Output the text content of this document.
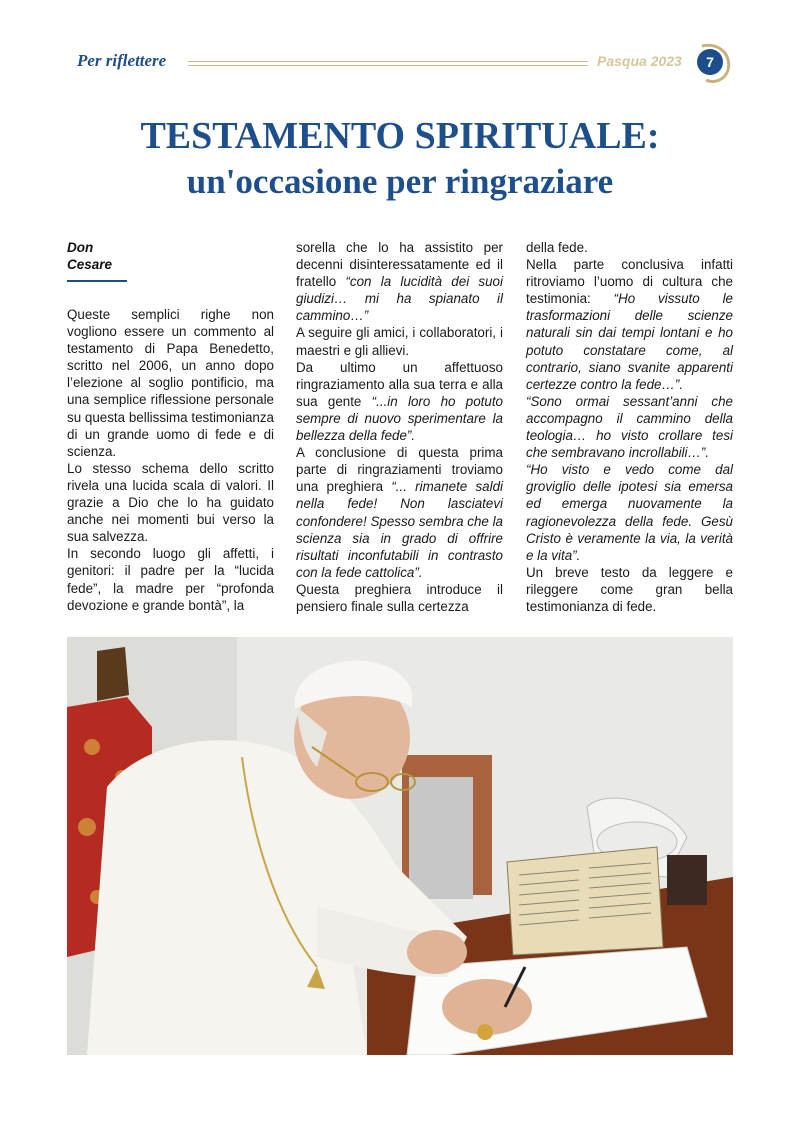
Per riflettere	Pasqua 2023	7
TESTAMENTO SPIRITUALE:
un'occasione per ringraziare
Don
Cesare

Queste semplici righe non vogliono essere un commento al testamento di Papa Benedetto, scritto nel 2006, un anno dopo l’elezione al soglio pontificio, ma una semplice riflessione personale su questa bellissima testimonianza di un grande uomo di fede e di scienza.

Lo stesso schema dello scritto rivela una lucida scala di valori. Il grazie a Dio che lo ha guidato anche nei momenti bui verso la sua salvezza.

In secondo luogo gli affetti, i genitori: il padre per la “lucida fede”, la madre per “profonda devozione e grande bontà”, la

sorella che lo ha assistito per decenni disinteressatamente ed il fratello “con la lucidità dei suoi giudizi… mi ha spianato il cammino…”

A seguire gli amici, i collaboratori, i maestri e gli allievi.

Da ultimo un affettuoso ringraziamento alla sua terra e alla sua gente “...in loro ho potuto sempre di nuovo sperimentare la bellezza della fede”.

A conclusione di questa prima parte di ringraziamenti troviamo una preghiera “... rimanete saldi nella fede! Non lasciatevi confondere! Spesso sembra che la scienza sia in grado di offrire risultati inconfutabili in contrasto con la fede cattolica”.

Questa preghiera introduce il pensiero finale sulla certezza

della fede.

Nella parte conclusiva infatti ritroviamo l’uomo di cultura che testimonia: “Ho vissuto le trasformazioni delle scienze naturali sin dai tempi lontani e ho potuto constatare come, al contrario, siano svanite apparenti certezze contro la fede…”.

“Sono ormai sessant’anni che accompagno il cammino della teologia… ho visto crollare tesi che sembravano incrollabili…”.

“Ho visto e vedo come dal groviglio delle ipotesi sia emersa ed emerga nuovamente la ragionevolezza della fede. Gesù Cristo è veramente la via, la verità e la vita”.

Un breve testo da leggere e rileggere come gran bella testimonianza di fede.
